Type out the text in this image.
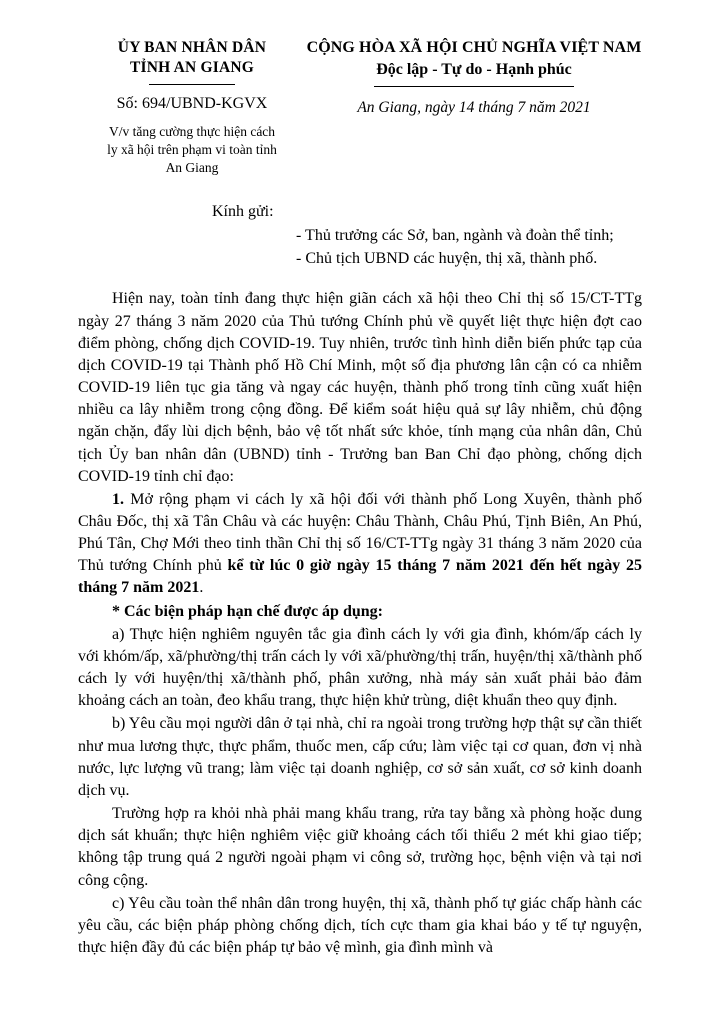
ỦY BAN NHÂN DÂN
TỈNH AN GIANG
Số: 694/UBND-KGVX
V/v tăng cường thực hiện cách
ly xã hội trên phạm vi toàn tỉnh
An Giang
CỘNG HÒA XÃ HỘI CHỦ NGHĨA VIỆT NAM
Độc lập - Tự do - Hạnh phúc
An Giang, ngày 14 tháng 7 năm 2021
Kính gửi:
- Thủ trưởng các Sở, ban, ngành và đoàn thể tỉnh;
- Chủ tịch UBND các huyện, thị xã, thành phố.

Hiện nay, toàn tỉnh đang thực hiện giãn cách xã hội theo Chỉ thị số 15/CT-TTg ngày 27 tháng 3 năm 2020 của Thủ tướng Chính phủ về quyết liệt thực hiện đợt cao điểm phòng, chống dịch COVID-19. Tuy nhiên, trước tình hình diễn biến phức tạp của dịch COVID-19 tại Thành phố Hồ Chí Minh, một số địa phương lân cận có ca nhiễm COVID-19 liên tục gia tăng và ngay các huyện, thành phố trong tỉnh cũng xuất hiện nhiều ca lây nhiễm trong cộng đồng. Để kiểm soát hiệu quả sự lây nhiễm, chủ động ngăn chặn, đẩy lùi dịch bệnh, bảo vệ tốt nhất sức khỏe, tính mạng của nhân dân, Chủ tịch Ủy ban nhân dân (UBND) tỉnh - Trưởng ban Ban Chỉ đạo phòng, chống dịch COVID-19 tỉnh chỉ đạo:

1. Mở rộng phạm vi cách ly xã hội đối với thành phố Long Xuyên, thành phố Châu Đốc, thị xã Tân Châu và các huyện: Châu Thành, Châu Phú, Tịnh Biên, An Phú, Phú Tân, Chợ Mới theo tinh thần Chỉ thị số 16/CT-TTg ngày 31 tháng 3 năm 2020 của Thủ tướng Chính phủ kể từ lúc 0 giờ ngày 15 tháng 7 năm 2021 đến hết ngày 25 tháng 7 năm 2021.

* Các biện pháp hạn chế được áp dụng:

a) Thực hiện nghiêm nguyên tắc gia đình cách ly với gia đình, khóm/ấp cách ly với khóm/ấp, xã/phường/thị trấn cách ly với xã/phường/thị trấn, huyện/thị xã/thành phố cách ly với huyện/thị xã/thành phố, phân xưởng, nhà máy sản xuất phải bảo đảm khoảng cách an toàn, đeo khẩu trang, thực hiện khử trùng, diệt khuẩn theo quy định.

b) Yêu cầu mọi người dân ở tại nhà, chỉ ra ngoài trong trường hợp thật sự cần thiết như mua lương thực, thực phẩm, thuốc men, cấp cứu; làm việc tại cơ quan, đơn vị nhà nước, lực lượng vũ trang; làm việc tại doanh nghiệp, cơ sở sản xuất, cơ sở kinh doanh dịch vụ.

Trường hợp ra khỏi nhà phải mang khẩu trang, rửa tay bằng xà phòng hoặc dung dịch sát khuẩn; thực hiện nghiêm việc giữ khoảng cách tối thiểu 2 mét khi giao tiếp; không tập trung quá 2 người ngoài phạm vi công sở, trường học, bệnh viện và tại nơi công cộng.

c) Yêu cầu toàn thể nhân dân trong huyện, thị xã, thành phố tự giác chấp hành các yêu cầu, các biện pháp phòng chống dịch, tích cực tham gia khai báo y tế tự nguyện, thực hiện đầy đủ các biện pháp tự bảo vệ mình, gia đình mình và
